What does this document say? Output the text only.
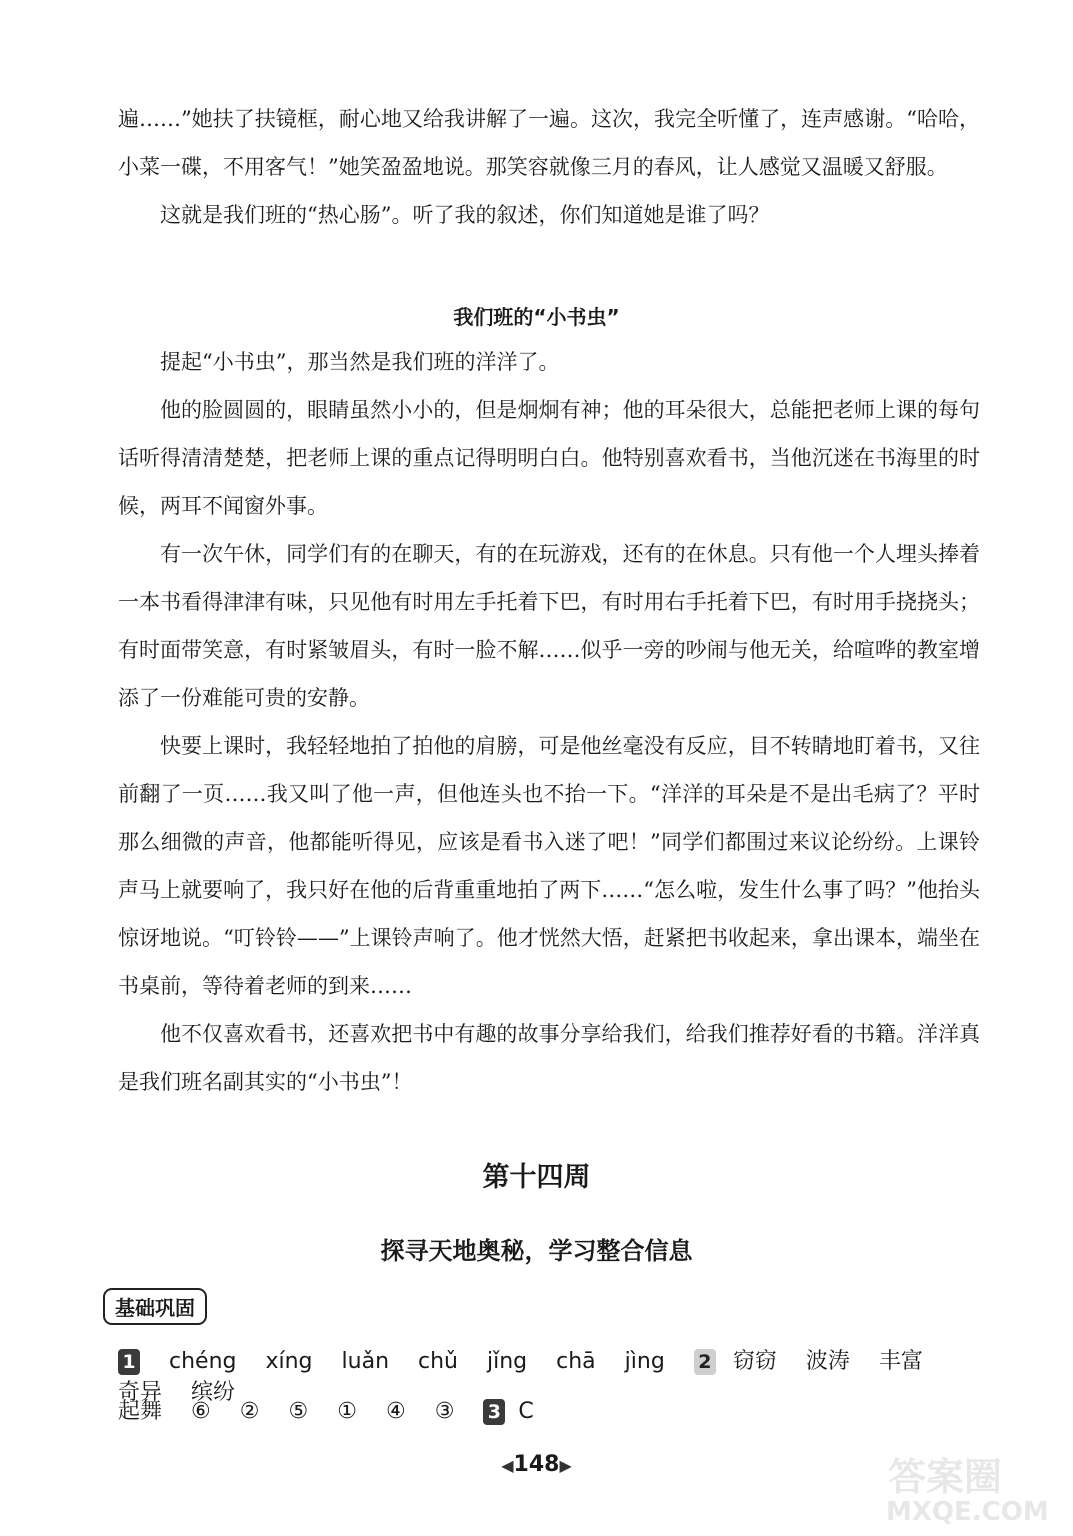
遍……”她扶了扶镜框，耐心地又给我讲解了一遍。这次，我完全听懂了，连声感谢。“哈哈，小菜一碟，不用客气！”她笑盈盈地说。那笑容就像三月的春风，让人感觉又温暖又舒服。

这就是我们班的“热心肠”。听了我的叙述，你们知道她是谁了吗？

我们班的“小书虫”

提起“小书虫”，那当然是我们班的洋洋了。

他的脸圆圆的，眼睛虽然小小的，但是炯炯有神；他的耳朵很大，总能把老师上课的每句话听得清清楚楚，把老师上课的重点记得明明白白。他特别喜欢看书，当他沉迷在书海里的时候，两耳不闻窗外事。

有一次午休，同学们有的在聊天，有的在玩游戏，还有的在休息。只有他一个人埋头捧着一本书看得津津有味，只见他有时用左手托着下巴，有时用右手托着下巴，有时用手挠挠头；有时面带笑意，有时紧皱眉头，有时一脸不解……似乎一旁的吵闹与他无关，给喧哗的教室增添了一份难能可贵的安静。

快要上课时，我轻轻地拍了拍他的肩膀，可是他丝毫没有反应，目不转睛地盯着书，又往前翻了一页……我又叫了他一声，但他连头也不抬一下。“洋洋的耳朵是不是出毛病了？平时那么细微的声音，他都能听得见，应该是看书入迷了吧！”同学们都围过来议论纷纷。上课铃声马上就要响了，我只好在他的后背重重地拍了两下……“怎么啦，发生什么事了吗？”他抬头惊讶地说。“叮铃铃——”上课铃声响了。他才恍然大悟，赶紧把书收起来，拿出课本，端坐在书桌前，等待着老师的到来……

他不仅喜欢看书，还喜欢把书中有趣的故事分享给我们，给我们推荐好看的书籍。洋洋真是我们班名副其实的“小书虫”！

第十四周
探寻天地奥秘，学习整合信息
基础巩固
1 chéng xíng luǎn chǔ jǐng chā jìng 2 窃窃 波涛 丰富 奇异 缤纷
起舞 ⑥ ② ⑤ ① ④ ③ 3 C
◀148▶	答案圈
MXQE.COM
